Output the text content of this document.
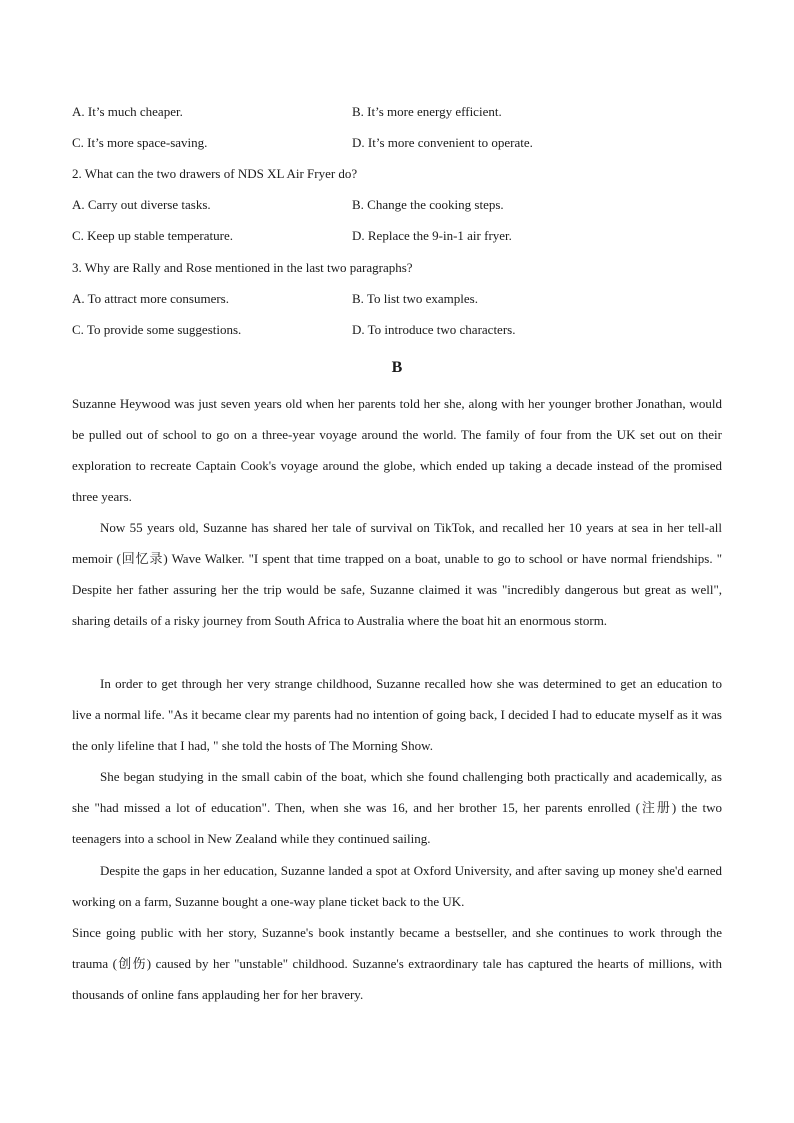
A. It’s much cheaper.	B. It’s more energy efficient.
C. It’s more space-saving.	D. It’s more convenient to operate.
2. What can the two drawers of NDS XL Air Fryer do?
A. Carry out diverse tasks.	B. Change the cooking steps.
C. Keep up stable temperature.	D. Replace the 9-in-1 air fryer.
3. Why are Rally and Rose mentioned in the last two paragraphs?
A. To attract more consumers.	B. To list two examples.
C. To provide some suggestions.	D. To introduce two characters.
B

Suzanne Heywood was just seven years old when her parents told her she, along with her younger brother Jonathan, would be pulled out of school to go on a three-year voyage around the world. The family of four from the UK set out on their exploration to recreate Captain Cook's voyage around the globe, which ended up taking a decade instead of the promised three years.

Now 55 years old, Suzanne has shared her tale of survival on TikTok, and recalled her 10 years at sea in her tell-all memoir (回忆录) Wave Walker. "I spent that time trapped on a boat, unable to go to school or have normal friendships. " Despite her father assuring her the trip would be safe, Suzanne claimed it was "incredibly dangerous but great as well", sharing details of a risky journey from South Africa to Australia where the boat hit an enormous storm.

In order to get through her very strange childhood, Suzanne recalled how she was determined to get an education to live a normal life. "As it became clear my parents had no intention of going back, I decided I had to educate myself as it was the only lifeline that I had, " she told the hosts of The Morning Show.

She began studying in the small cabin of the boat, which she found challenging both practically and academically, as she "had missed a lot of education". Then, when she was 16, and her brother 15, her parents enrolled (注册) the two teenagers into a school in New Zealand while they continued sailing.

Despite the gaps in her education, Suzanne landed a spot at Oxford University, and after saving up money she'd earned working on a farm, Suzanne bought a one-way plane ticket back to the UK.

Since going public with her story, Suzanne's book instantly became a bestseller, and she continues to work through the trauma (创伤) caused by her "unstable" childhood. Suzanne's extraordinary tale has captured the hearts of millions, with thousands of online fans applauding her for her bravery.
